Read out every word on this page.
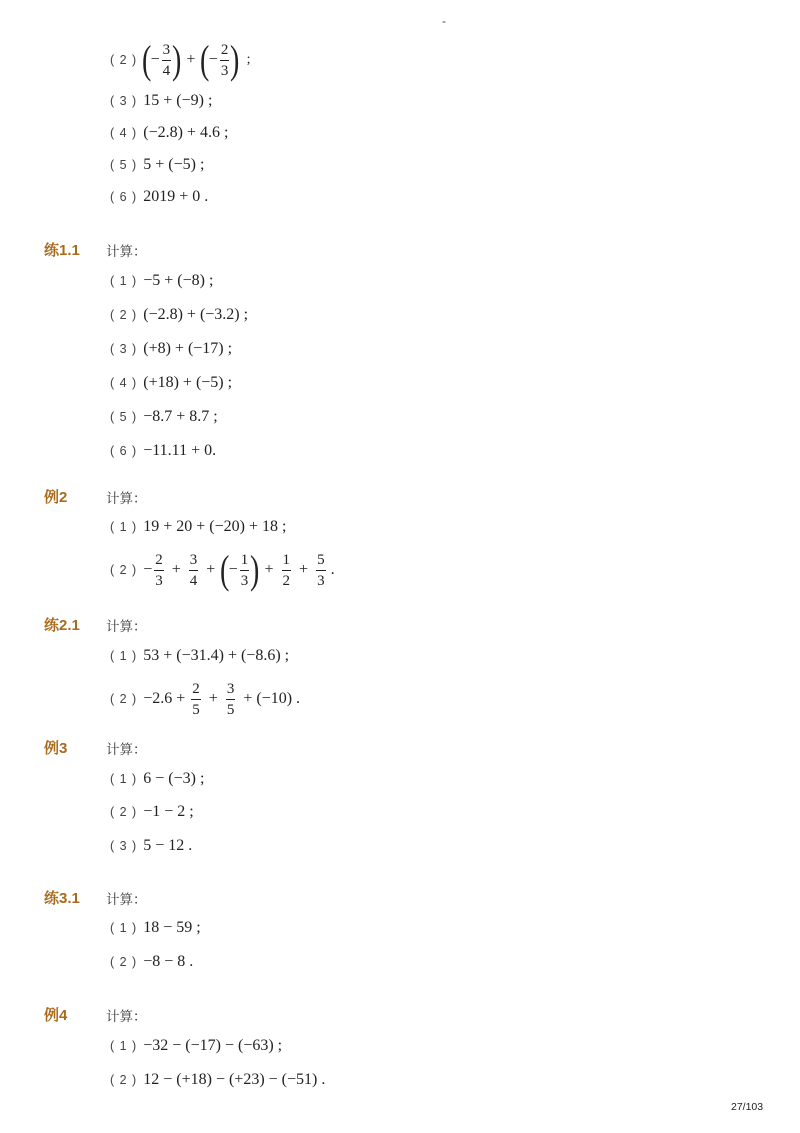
-
( 2 ) (
− $\frac{3}{4}$ ) + (
− $\frac{2}{3}$ ) ;
( 3 ) 15 + (−9) ;
( 4 ) (−2.8) + 4.6 ;
( 5 ) 5 + (−5) ;
( 6 ) 2019 + 0 .
练1.1 计算：
( 1 ) −5 + (−8) ;
( 2 ) (−2.8) + (−3.2) ;
( 3 ) (+8) + (−17) ;
( 4 ) (+18) + (−5) ;
( 5 ) −8.7 + 8.7 ;
( 6 ) −11.11 + 0.
例2	计算：
( 1 ) 19 + 20 + (−20) + 18 ;
( 2 ) − $\frac{2}{3} + \frac{3}{4}$ + (
− $\frac{1}{3}$ ) + $\frac{1}{2} + \frac{5}{3}$ .
练2.1 计算：
( 1 ) 53 + (−31.4) + (−8.6) ;
( 2 ) $-2.6 + \frac{2}{5} + \frac{3}{5} + (-10)$ .
例3	计算：
( 1 ) 6 − (−3) ;
( 2 ) −1 − 2 ;
( 3 ) 5 − 12 .
练3.1 计算：
( 1 ) 18 − 59 ;
( 2 ) −8 − 8 .
例4	计算：
( 1 ) −32 − (−17) − (−63) ;
( 2 ) 12 − (+18) − (+23) − (−51) .
27/103
